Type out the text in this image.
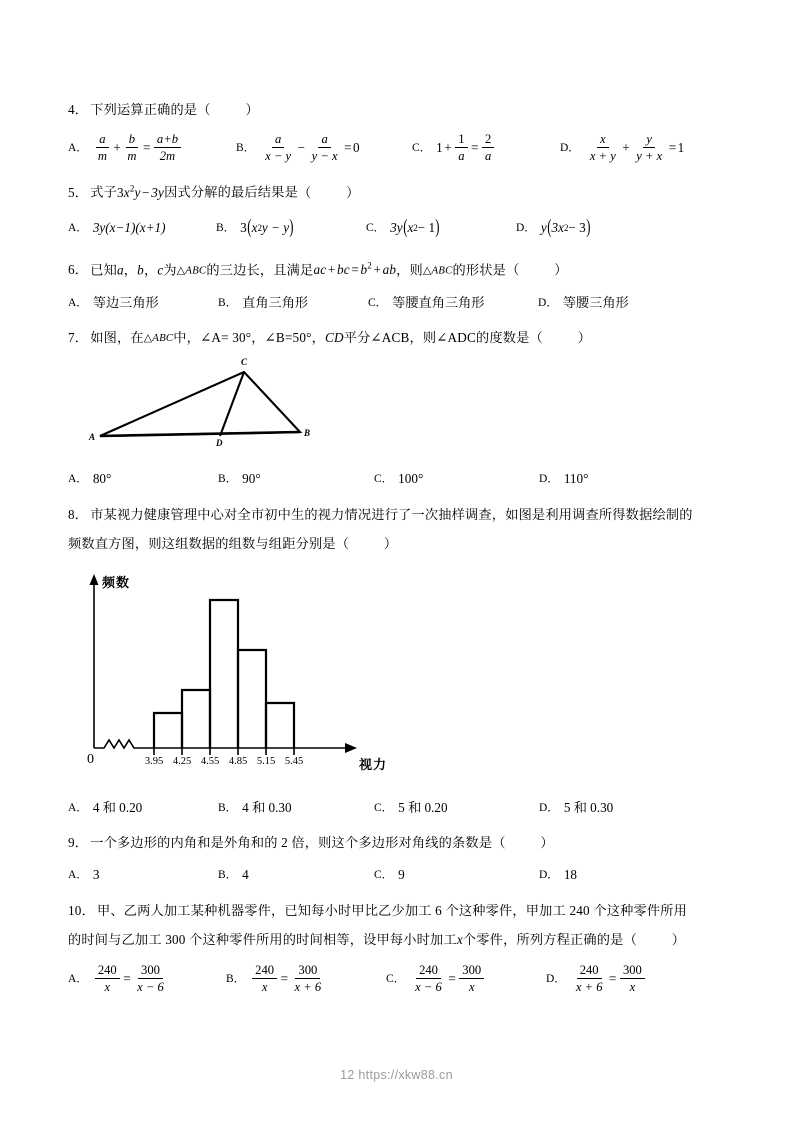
4． 下列运算正确的是（   ）
A． $\frac{a}{m} + \frac{b}{m} = \frac{a+b}{2m}$	B． $\frac{a}{x - y} - \frac{a}{y - x} = 0$	C． $1 + \frac{1}{a} = \frac{2}{a}$	D． $\frac{x}{x + y} + \frac{y}{y + x} = 1$
5． 式子$3x^2y - 3y$因式分解的最后结果是（   ）
A． 3y(x−1)(x+1)	B． 3 ( x 2 y − y )	C． 3y ( x 2 − 1 )	D． y ( 3x 2 − 3 )
6． 已知a，b，c为△ABC的三边长，且满足ac + bc = $b^2$ + ab，则△ABC的形状是（   ）
A． 等边三角形	B． 直角三角形	C． 等腰直角三角形	D． 等腰三角形
7． 如图，在△ABC中，∠A= 30°，∠B=50°，CD平分∠ACB，则∠ADC的度数是（   ）
A	B
C
D
A． 80°	B． 90°	C． 100°	D． 110°
8． 市某视力健康管理中心对全市初中生的视力情况进行了一次抽样调查，如图是利用调查所得数据绘制的
频数直方图，则这组数据的组数与组距分别是（   ）
频数
视力
0	3.95 4.25 4.55 4.85 5.15 5.45
A． 4 和 0.20	B． 4 和 0.30	C． 5 和 0.20	D． 5 和 0.30
9． 一个多边形的内角和是外角和的 2 倍，则这个多边形对角线的条数是（   ）
A． 3	B． 4	C． 9	D． 18
10． 甲、乙两人加工某种机器零件，已知每小时甲比乙少加工 6 个这种零件，甲加工 240 个这种零件所用
的时间与乙加工 300 个这种零件所用的时间相等，设甲每小时加工x个零件，所列方程正确的是（   ）
A． $\frac{240}{x} = \frac{300}{x - 6}$	B． $\frac{240}{x} = \frac{300}{x + 6}$	C． $\frac{240}{x - 6} = \frac{300}{x}$	D． $\frac{240}{x + 6} = \frac{300}{x}$
12 https://xkw88.cn
